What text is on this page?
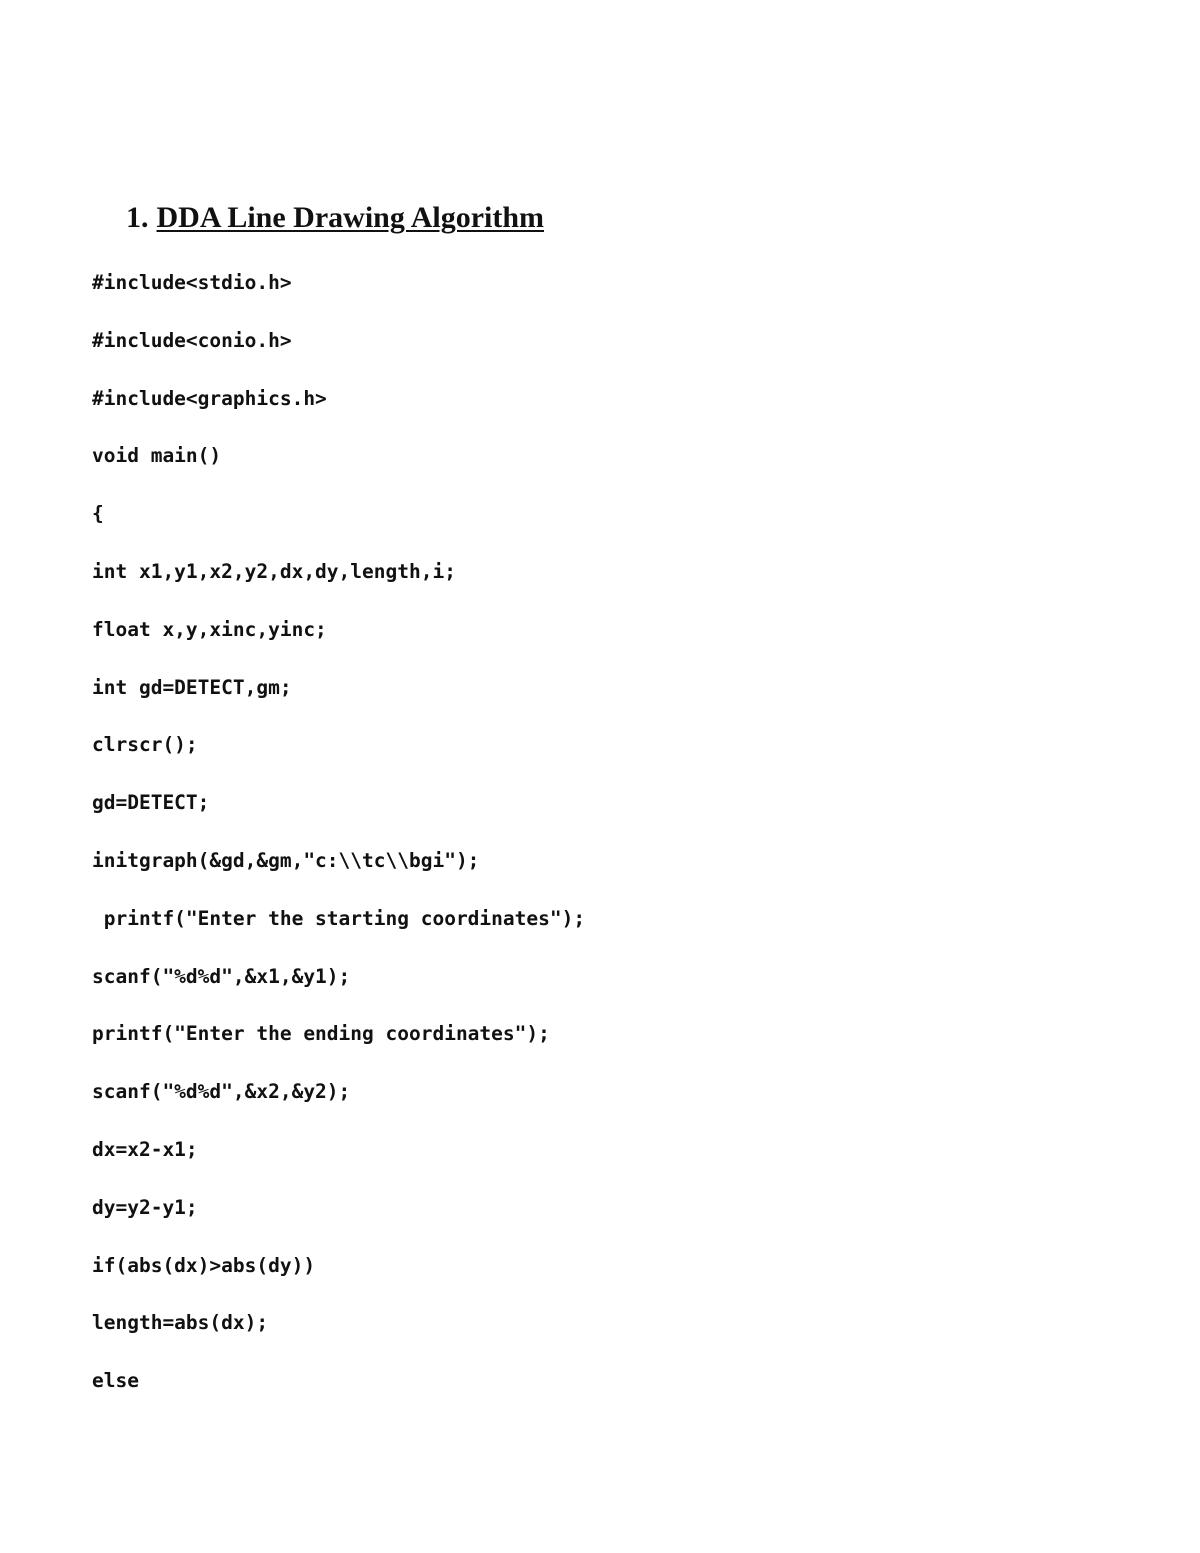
1. DDA Line Drawing Algorithm
#include<stdio.h>
#include<conio.h>
#include<graphics.h>
void main()
{
int x1,y1,x2,y2,dx,dy,length,i;
float x,y,xinc,yinc;
int gd=DETECT,gm;
clrscr();
gd=DETECT;
initgraph(&gd,&gm,"c:\\tc\\bgi");
printf("Enter the starting coordinates");
scanf("%d%d",&x1,&y1);
printf("Enter the ending coordinates");
scanf("%d%d",&x2,&y2);
dx=x2-x1;
dy=y2-y1;
if(abs(dx)>abs(dy))
length=abs(dx);
else
